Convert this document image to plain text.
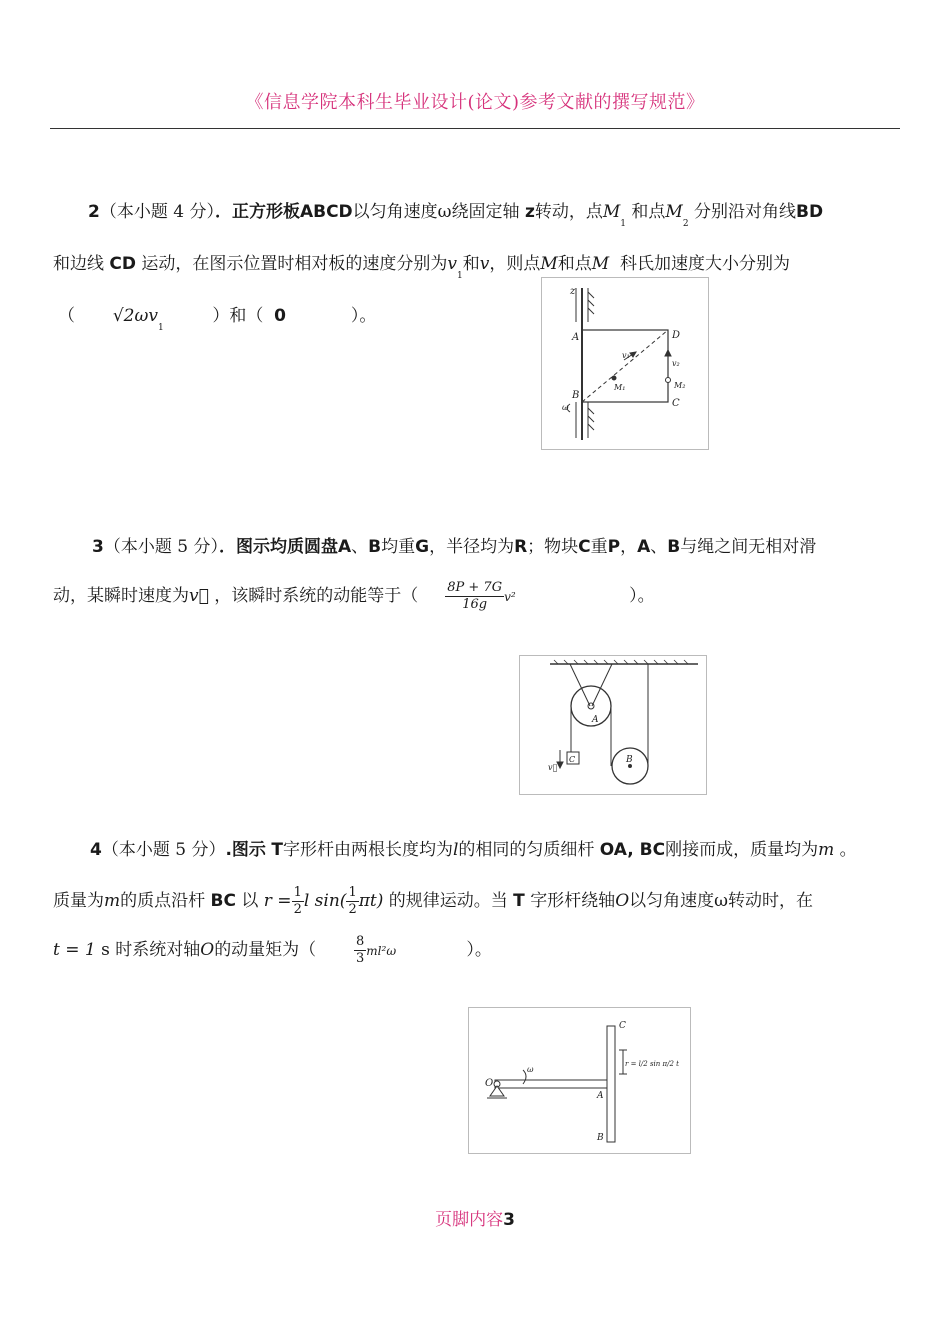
《信息学院本科生毕业设计(论文)参考文献的撰写规范》
2（本小题 4 分）．正方形板ABCD以匀角速度ω绕固定轴 z转动，点$M_1$ 和点$M_2$ 分别沿对角线BD
和边线 CD 运动，在图示位置时相对板的速度分别为$v_1$和v，则点M和点M 科氏加速度大小分别为
（ $√2\omega v_1$         ）和（ 0	）。
z
A
B
D
C
v₁
v₂
M₁	M₂
ω
3（本小题 5 分）．图示均质圆盘A、B均重G，半径均为R；物块C重P，A、B与绳之间无相对滑
动，某瞬时速度为v⃗ ，该瞬时系统的动能等于（ $\frac{8P + 7G}{16g} v^2$	）。
A
B
C
v⃗
4（本小题 5 分）.图示 T字形杆由两根长度均为l的相同的匀质细杆 OA, BC刚接而成，质量均为m 。
质量为m的质点沿杆 BC 以 $r = \frac{1}{2}$ l $\sin( \frac{1}{2} \pi t)$ 的规律运动。当 T 字形杆绕轴O以匀角速度ω转动时，在
t = 1 s 时系统对轴O的动量矩为（	$\frac{8}{3} ml^2\omega$	）。
O
A
B
C
ω
r = l/2 sin π/2 t
页脚内容3
